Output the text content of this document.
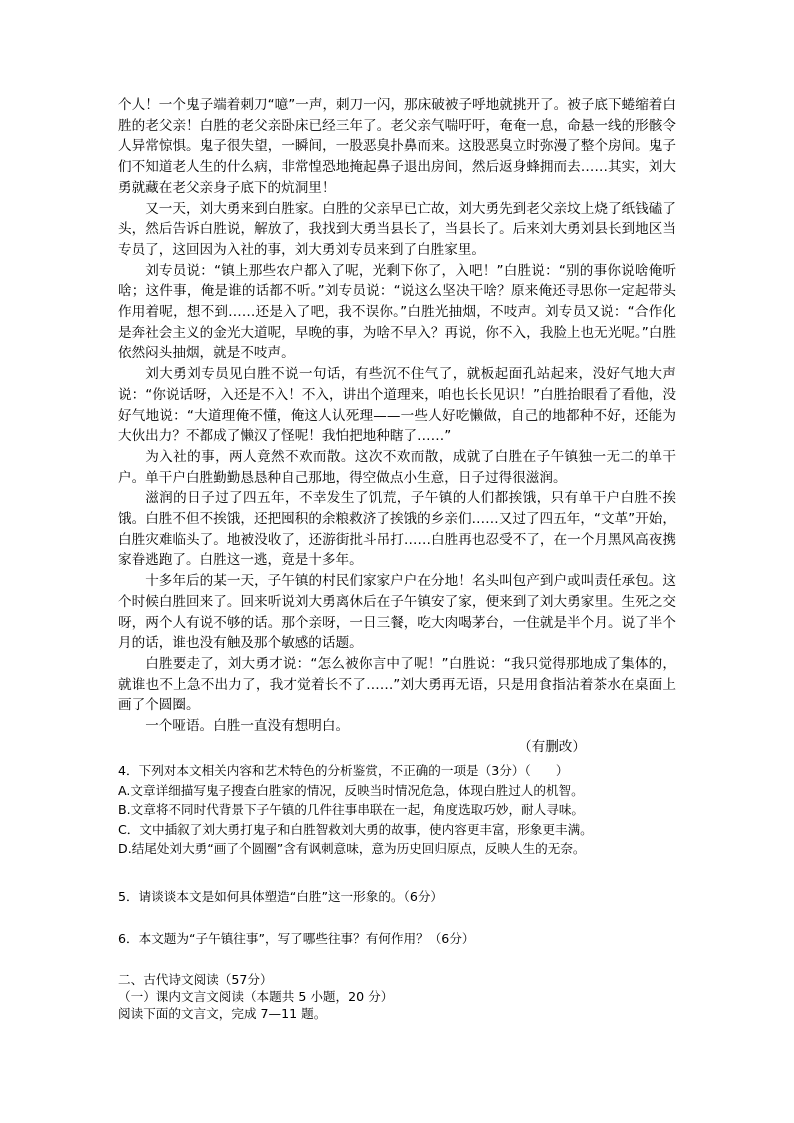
个人！一个鬼子端着刺刀“噫”一声，刺刀一闪，那床破被子呼地就挑开了。被子底下蜷缩着白胜的老父亲！白胜的老父亲卧床已经三年了。老父亲气喘吁吁，奄奄一息，命悬一线的形骸令人异常惊惧。鬼子很失望，一瞬间，一股恶臭扑鼻而来。这股恶臭立时弥漫了整个房间。鬼子们不知道老人生的什么病，非常惶恐地掩起鼻子退出房间，然后返身蜂拥而去……其实，刘大勇就藏在老父亲身子底下的炕洞里！

又一天，刘大勇来到白胜家。白胜的父亲早已亡故，刘大勇先到老父亲坟上烧了纸钱磕了头，然后告诉白胜说，解放了，我找到大勇当县长了，当县长了。后来刘大勇刘县长到地区当专员了，这回因为入社的事，刘大勇刘专员来到了白胜家里。

刘专员说：“镇上那些农户都入了呢，光剩下你了，入吧！”白胜说：“别的事你说啥俺听啥；这件事，俺是谁的话都不听。”刘专员说：“说这么坚决干啥？原来俺还寻思你一定起带头作用着呢，想不到……还是入了吧，我不误你。”白胜光抽烟，不吱声。刘专员又说：“合作化是奔社会主义的金光大道呢，早晚的事，为啥不早入？再说，你不入，我脸上也无光呢。”白胜依然闷头抽烟，就是不吱声。

刘大勇刘专员见白胜不说一句话，有些沉不住气了，就板起面孔站起来，没好气地大声说：“你说话呀，入还是不入！不入，讲出个道理来，咱也长长见识！”白胜抬眼看了看他，没好气地说：“大道理俺不懂，俺这人认死理——一些人好吃懒做，自己的地都种不好，还能为大伙出力？不都成了懒汉了怪呢！我怕把地种瞎了……”

为入社的事，两人竟然不欢而散。这次不欢而散，成就了白胜在子午镇独一无二的单干户。单干户白胜勤勤恳恳种自己那地，得空做点小生意，日子过得很滋润。

滋润的日子过了四五年，不幸发生了饥荒，子午镇的人们都挨饿，只有单干户白胜不挨饿。白胜不但不挨饿，还把囤积的余粮救济了挨饿的乡亲们……又过了四五年，“文革”开始，白胜灾难临头了。地被没收了，还游街批斗吊打……白胜再也忍受不了，在一个月黑风高夜携家眷逃跑了。白胜这一逃，竟是十多年。

十多年后的某一天，子午镇的村民们家家户户在分地！名头叫包产到户或叫责任承包。这个时候白胜回来了。回来听说刘大勇离休后在子午镇安了家，便来到了刘大勇家里。生死之交呀，两个人有说不够的话。那个亲呀，一日三餐，吃大肉喝茅台，一住就是半个月。说了半个月的话，谁也没有触及那个敏感的话题。

白胜要走了，刘大勇才说：“怎么被你言中了呢！”白胜说：“我只觉得那地成了集体的，就谁也不上急不出力了，我才觉着长不了……”刘大勇再无语，只是用食指沾着茶水在桌面上画了个圆圈。

一个哑语。白胜一直没有想明白。

（有删改）

4．下列对本文相关内容和艺术特色的分析鉴赏，不正确的一项是（3分）（　　）
A.文章详细描写鬼子搜查白胜家的情况，反映当时情况危急，体现白胜过人的机智。
B.文章将不同时代背景下子午镇的几件往事串联在一起，角度选取巧妙，耐人寻味。
C．文中插叙了刘大勇打鬼子和白胜智救刘大勇的故事，使内容更丰富，形象更丰满。
D.结尾处刘大勇“画了个圆圈”含有讽刺意味，意为历史回归原点，反映人生的无奈。
5．请谈谈本文是如何具体塑造“白胜”这一形象的。（6分）
6．本文题为“子午镇往事”，写了哪些往事？有何作用？（6分）
二、古代诗文阅读（57分）
（一）课内文言文阅读（本题共 5 小题，20 分）
阅读下面的文言文，完成 7—11 题。
